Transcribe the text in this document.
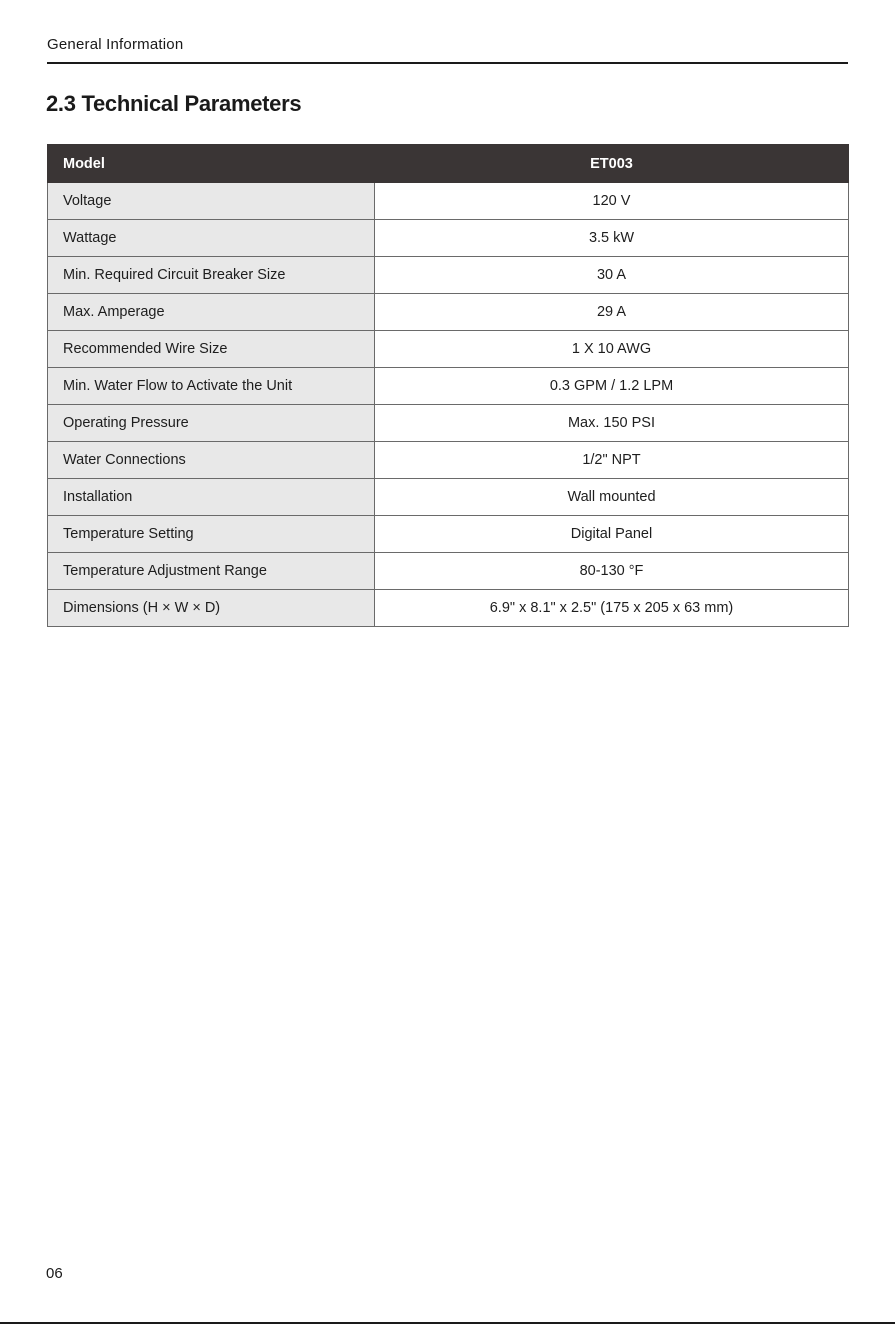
General Information
2.3 Technical Parameters
Model	ET003
Voltage	120 V
Wattage	3.5 kW
Min. Required Circuit Breaker Size	30 A
Max. Amperage	29 A
Recommended Wire Size	1 X 10 AWG
Min. Water Flow to Activate the Unit	0.3 GPM / 1.2 LPM
Operating Pressure	Max. 150 PSI
Water Connections	1/2" NPT
Installation	Wall mounted
Temperature Setting	Digital Panel
Temperature Adjustment Range	80-130 °F
Dimensions (H × W × D)	6.9" x 8.1" x 2.5" (175 x 205 x 63 mm)
06
